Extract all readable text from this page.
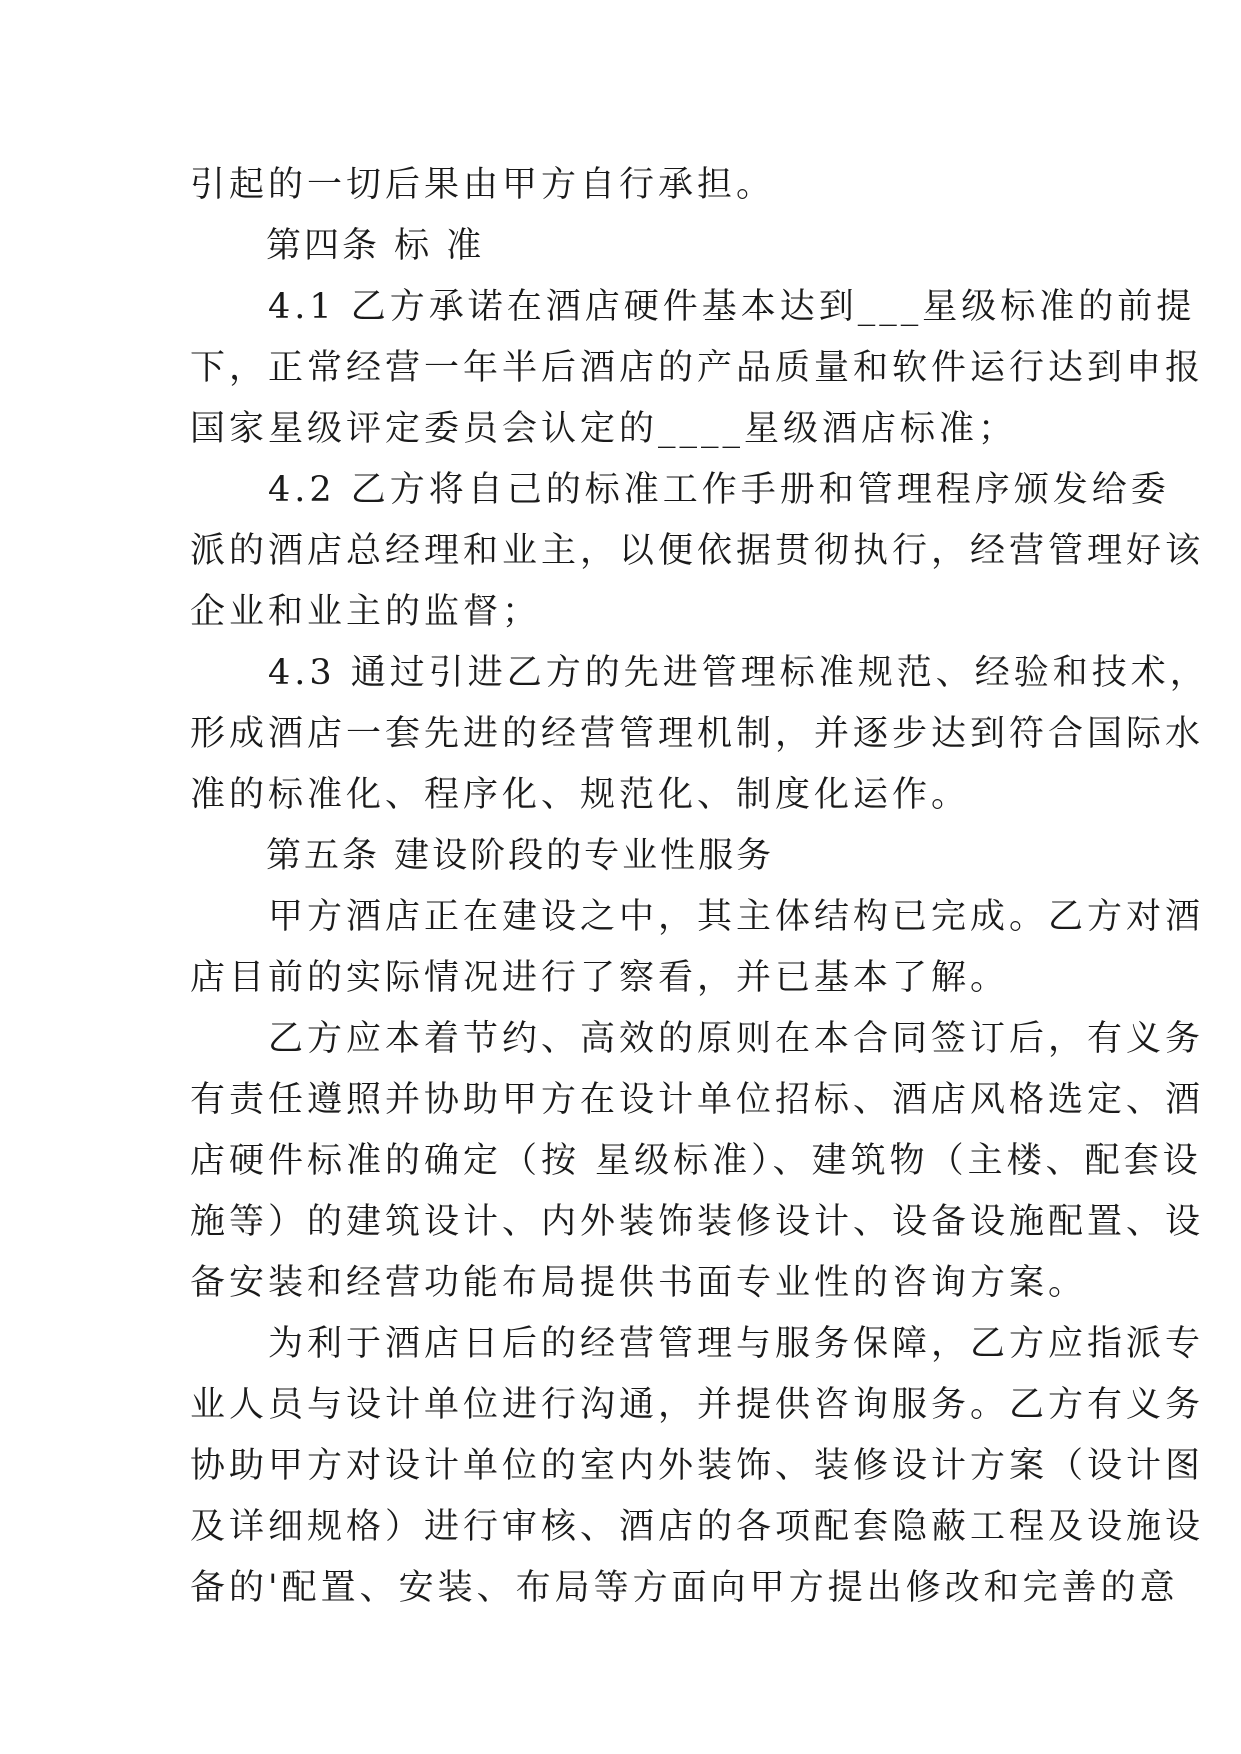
引起的一切后果由甲方自行承担。
　　第四条 标 准
　　4.1 乙方承诺在酒店硬件基本达到___星级标准的前提
下，正常经营一年半后酒店的产品质量和软件运行达到申报
国家星级评定委员会认定的____星级酒店标准；
　　4.2 乙方将自己的标准工作手册和管理程序颁发给委
派的酒店总经理和业主，以便依据贯彻执行，经营管理好该
企业和业主的监督；
　　4.3 通过引进乙方的先进管理标准规范、经验和技术，
形成酒店一套先进的经营管理机制，并逐步达到符合国际水
准的标准化、程序化、规范化、制度化运作。
　　第五条 建设阶段的专业性服务
　　甲方酒店正在建设之中，其主体结构已完成。乙方对酒
店目前的实际情况进行了察看，并已基本了解。
　　乙方应本着节约、高效的原则在本合同签订后，有义务
有责任遵照并协助甲方在设计单位招标、酒店风格选定、酒
店硬件标准的确定（按 星级标准）、建筑物（主楼、配套设
施等）的建筑设计、内外装饰装修设计、设备设施配置、设
备安装和经营功能布局提供书面专业性的咨询方案。
　　为利于酒店日后的经营管理与服务保障，乙方应指派专
业人员与设计单位进行沟通，并提供咨询服务。乙方有义务
协助甲方对设计单位的室内外装饰、装修设计方案（设计图
及详细规格）进行审核、酒店的各项配套隐蔽工程及设施设
备的'配置、安装、布局等方面向甲方提出修改和完善的意
